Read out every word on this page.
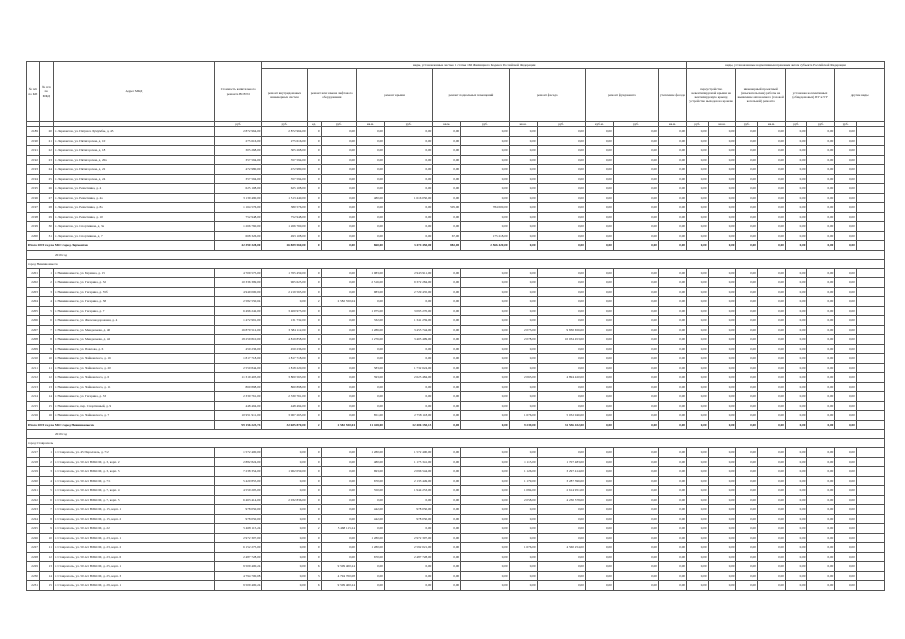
№ п/п по КП	№ п/п по МКД	Адрес МКД	Стоимость капитального ремонта ВСЕГО	виды, установленные частью 1 статьи 166 Жилищного Кодекса Российской Федерации												виды, установленные нормативным правовым актом субъекта Российской Федерации							
				ремонт внутридомовых инженерных систем	ремонт или замена лифтового оборудования		ремонт крыши		ремонт подвальных помещений		ремонт фасада		ремонт фундамента		утепление фасада	переустройство невентилируемой крыши на вентилируемую крышу, устройство выходов на кровлю		инженерный проектный (изыскательские) работы на выявление автономного (газовой котельной) ремонта		установка коллективных (общедомовых) ПУ и УУ		другие виды	
			руб.	руб.	ед.	руб.	кв.м.	руб.	кв.м.	руб.	кв.м.	руб.	куб.м.	руб.	кв.м.	руб.	кв.м.	руб.	кв.м.	руб.	руб.	руб.	
2189	20	г. Лермонтов, ул. Патриса Лумумбы, д. 45	2 872 964,00	2 872 964,00	0	0,00	0,00	0,00	0,00	0,00	0,00	0,00	0,00	0,00	0,00	0,00	0,00	0,00	0,00	0,00	0,00	0,00	
2190	21	г. Лермонтов, ул. Пятигорская, д. 10	275 616,00	275 616,00	0	0,00	0,00	0,00	0,00	0,00	0,00	0,00	0,00	0,00	0,00	0,00	0,00	0,00	0,00	0,00	0,00	0,00	
2191	22	г. Лермонтов, ул. Пятигорская, д. 18	305 268,00	305 268,00	0	0,00	0,00	0,00	0,00	0,00	0,00	0,00	0,00	0,00	0,00	0,00	0,00	0,00	0,00	0,00	0,00	0,00	
2192	23	г. Лермонтов, ул. Пятигорская, д. 20а	357 594,00	357 594,00	0	0,00	0,00	0,00	0,00	0,00	0,00	0,00	0,00	0,00	0,00	0,00	0,00	0,00	0,00	0,00	0,00	0,00	
2193	24	г. Лермонтов, ул. Пятигорская, д. 22	472 980,00	472 980,00	0	0,00	0,00	0,00	0,00	0,00	0,00	0,00	0,00	0,00	0,00	0,00	0,00	0,00	0,00	0,00	0,00	0,00	
2194	25	г. Лермонтов, ул. Пятигорская, д. 24	357 594,00	357 594,00	0	0,00	0,00	0,00	0,00	0,00	0,00	0,00	0,00	0,00	0,00	0,00	0,00	0,00	0,00	0,00	0,00	0,00	
2195	26	г. Лермонтов, ул. Решетника, д. 4	625 108,00	625 108,00	0	0,00	0,00	0,00	0,00	0,00	0,00	0,00	0,00	0,00	0,00	0,00	0,00	0,00	0,00	0,00	0,00	0,00	
2196	27	г. Лермонтов, ул. Решетника, д. 4а	3 139 490,00	1 513 440,00	0	0,00	480,00	1 616 050,00	0,00	0,00	0,00	0,00	0,00	0,00	0,00	0,00	0,00	0,00	0,00	0,00	0,00	0,00	
2197	28	г. Лермонтов, ул. Решетника, д. 8а	1 164 576,00	380 576,00	0	0,00	0,00	0,00	505,00	784 000,00	0,00	0,00	0,00	0,00	0,00	0,00	0,00	0,00	0,00	0,00	0,00	0,00	
2198	29	г. Лермонтов, ул. Решетника, д. 10	752 948,00	752 948,00	0	0,00	0,00	0,00	0,00	0,00	0,00	0,00	0,00	0,00	0,00	0,00	0,00	0,00	0,00	0,00	0,00	0,00	
2199	30	г. Лермонтов, ул. Спортивная, д. 3а	1 266 760,00	1 266 760,00	0	0,00	0,00	0,00	0,00	0,00	0,00	0,00	0,00	0,00	0,00	0,00	0,00	0,00	0,00	0,00	0,00	0,00	
2200	31	г. Лермонтов, ул. Спортивная, д. 7	668 326,00	493 108,00	0	0,00	0,00	0,00	67,00	175 218,00	0,00	0,00	0,00	0,00	0,00	0,00	0,00	0,00	0,00	0,00	0,00	0,00	
Итого 2019 год по МО: город Лермонтов			42 390 328,00	26 889 560,00	0	0,00	860,00	3 474 450,00	882,00	2 566 420,00	0,00	0,00	0,00	0,00	0,00	0,00	0,00	0,00	0,00	0,00	0,00	0,00	
2019 год																							
город Невинномысск																							
2201	1	г. Невинномысск, ул. Баумана, д. 15	4 709 575,00	1 765 459,00	0	0,00	1 083,00	2 943 911,00	0,00	0,00	0,00	0,00	0,00	0,00	0,00	0,00	0,00	0,00	0,00	0,00	0,00	0,00	
2202	2	г. Невинномысск, ул. Гагарина, д. 32	10 336 399,00	965 625,00	0	0,00	2 516,00	9 372 284,00	0,00	0,00	0,00	0,00	0,00	0,00	0,00	0,00	0,00	0,00	0,00	0,00	0,00	0,00	
2203	3	г. Невинномысск, ул. Гагарина, д. 55б	4 949 000,00	2 219 565,00	0	0,00	983,00	2 729 435,00	0,00	0,00	0,00	0,00	0,00	0,00	0,00	0,00	0,00	0,00	0,00	0,00	0,00	0,00	
2204	4	г. Невинномысск, ул. Гагарина, д. 58	2 582 550,04	0,00	2	2 582 550,04	0,00	0,00	0,00	0,00	0,00	0,00	0,00	0,00	0,00	0,00	0,00	0,00	0,00	0,00	0,00	0,00	
2205	5	г. Невинномысск, ул. Гагарина, д. 7	6 496 242,00	3 400 973,00	0	0,00	1 075,00	3 095 270,00	0,00	0,00	0,00	0,00	0,00	0,00	0,00	0,00	0,00	0,00	0,00	0,00	0,00	0,00	
2206	6	г. Невинномысск, ул. Железнодорожная, д. 4	1 472 991,00	131 732,00	0	0,00	332,00	1 341 259,00	0,00	0,00	0,00	0,00	0,00	0,00	0,00	0,00	0,00	0,00	0,00	0,00	0,00	0,00	
2207	7	г. Невинномысск, ул. Менделеева, д. 40	16 870 512,00	3 584 112,00	0	0,00	1 286,00	3 455 744,00	0,00	0,00	2 073,00	9 830 656,00	0,00	0,00	0,00	0,00	0,00	0,00	0,00	0,00	0,00	0,00	
2208	8	г. Невинномысск, ул. Менделеева, д. 42	18 259 810,00	4 819 858,00	0	0,00	1 276,00	3 405 499,00	0,00	0,00	2 078,00	10 034 453,00	0,00	0,00	0,00	0,00	0,00	0,00	0,00	0,00	0,00	0,00	
2209	9	г. Невинномысск, ул. Павлова, д. 6	450 236,00	450 236,00	0	0,00	0,00	0,00	0,00	0,00	0,00	0,00	0,00	0,00	0,00	0,00	0,00	0,00	0,00	0,00	0,00	0,00	
2210	10	г. Невинномысск, ул. Чайковского, д. 16	1 817 718,00	1 817 718,00	0	0,00	0,00	0,00	0,00	0,00	0,00	0,00	0,00	0,00	0,00	0,00	0,00	0,00	0,00	0,00	0,00	0,00	
2211	11	г. Невинномысск, ул. Чайковского, д. 20	2 550 844,00	1 818 220,00	0	0,00	583,00	1 732 624,00	0,00	0,00	0,00	0,00	0,00	0,00	0,00	0,00	0,00	0,00	0,00	0,00	0,00	0,00	
2212	12	г. Невинномысск, ул. Чайковского, д. 6	11 319 403,00	3 800 563,00	0	0,00	593,00	2 625 484,00	0,00	0,00	2 063,00	4 894 420,00	0,00	0,00	0,00	0,00	0,00	0,00	0,00	0,00	0,00	0,00	
2213	13	г. Невинномысск, ул. Чайковского, д. 11	860 898,00	860 898,00	0	0,00	0,00	0,00	0,00	0,00	0,00	0,00	0,00	0,00	0,00	0,00	0,00	0,00	0,00	0,00	0,00	0,00	
2214	14	г. Невинномысск, ул. Гагарина, д. 33	2 330 761,00	2 330 761,00	0	0,00	0,00	0,00	0,00	0,00	0,00	0,00	0,00	0,00	0,00	0,00	0,00	0,00	0,00	0,00	0,00	0,00	
2215	15	г. Невинномысск, пер. Спортивный, д. 9	448 494,00	448 494,00	0	0,00	0,00	0,00	0,00	0,00	0,00	0,00	0,00	0,00	0,00	0,00	0,00	0,00	0,00	0,00	0,00	0,00	
2216	16	г. Невинномысск, ул. Чайковского, д. 7	10 951 911,00	3 067 265,00	0	0,00	851,00	2 758 118,00	0,00	0,00	1 676,00	5 032 046,00	0,00	0,00	0,00	0,00	0,00	0,00	0,00	0,00	0,00	0,00	
Итого 2019 год по МО: город Невинномысск			99 156 223,74	32 685 870,00	2	2 582 550,04	11 428,00	32 406 150,13	0,00	0,00	9 239,00	31 556 432,00	0,00	0,00	0,00	0,00	0,00	0,00	0,00	0,00	0,00	0,00	
2019 год																							
город Ставрополь																							
2217	1	г. Ставрополь, ул. 45 Параллель, д. 7/2	1 572 400,00	0,00	0	0,00	1 280,00	1 572 400,00	0,00	0,00	0,00	0,00	0,00	0,00	0,00	0,00	0,00	0,00	0,00	0,00	0,00	0,00	
2218	2	г. Ставрополь, ул. 50 лет ВЛКСМ, д. 3, корп. 2	2 882 824,00	0,00	0	0,00	480,00	1 175 341,00	0,00	0,00	1 115,00	1 707 483,00	0,00	0,00	0,00	0,00	0,00	0,00	0,00	0,00	0,00	0,00	
2219	3	г. Ставрополь, ул. 50 лет ВЛКСМ, д. 3, корп. 5	7 238 354,00	1 962 059,00	0	0,00	693,00	2 096 544,00	0,00	0,00	1 126,00	3 297 414,00	0,00	0,00	0,00	0,00	0,00	0,00	0,00	0,00	0,00	0,00	
2220	4	г. Ставрополь, ул. 50 лет ВЛКСМ, д. 7/1	5 420 855,00	0,00	0	0,00	670,00	2 133 449,00	0,00	0,00	1 179,00	3 287 396,00	0,00	0,00	0,00	0,00	0,00	0,00	0,00	0,00	0,00	0,00	
2221	5	г. Ставрополь, ул. 50 лет ВЛКСМ, д. 7, корп. 4	4 559 205,00	0,00	0	0,00	550,00	1 944 253,00	0,00	0,00	1 084,00	2 614 951,00	0,00	0,00	0,00	0,00	0,00	0,00	0,00	0,00	0,00	0,00	
2222	6	г. Ставрополь, ул. 50 лет ВЛКСМ, д. 7, корп. 5	6 463 414,00	2 032 836,00	0	0,00	0,00	0,00	0,00	0,00	2 058,00	4 230 578,00	0,00	0,00	0,00	0,00	0,00	0,00	0,00	0,00	0,00	0,00	
2223	7	г. Ставрополь, ул. 50 лет ВЛКСМ, д. 15, корп. 1	978 050,00	0,00	0	0,00	442,00	978 050,00	0,00	0,00	0,00	0,00	0,00	0,00	0,00	0,00	0,00	0,00	0,00	0,00	0,00	0,00	
2224	8	г. Ставрополь, ул. 50 лет ВЛКСМ, д. 15, корп. 2	978 050,00	0,00	0	0,00	442,00	978 050,00	0,00	0,00	0,00	0,00	0,00	0,00	0,00	0,00	0,00	0,00	0,00	0,00	0,00	0,00	
2225	9	г. Ставрополь, ул. 50 лет ВЛКСМ, д. 22	5 468 115,24	0,00	2	5 468 115,24	0,00	0,00	0,00	0,00	0,00	0,00	0,00	0,00	0,00	0,00	0,00	0,00	0,00	0,00	0,00	0,00	
2226	10	г. Ставрополь, ул. 50 лет ВЛКСМ, д. 23, корп. 1	2 972 307,00	0,00	0	0,00	1 280,00	2 972 307,00	0,00	0,00	0,00	0,00	0,00	0,00	0,00	0,00	0,00	0,00	0,00	0,00	0,00	0,00	
2227	11	г. Ставрополь, ул. 50 лет ВЛКСМ, д. 23, корп. 2	6 152 275,00	0,00	0	0,00	1 280,00	2 592 021,00	0,00	0,00	1 676,00	4 560 254,00	0,00	0,00	0,00	0,00	0,00	0,00	0,00	0,00	0,00	0,00	
2228	12	г. Ставрополь, ул. 50 лет ВЛКСМ, д. 23, корп. 6	2 487 728,00	0,00	0	0,00	670,00	2 487 728,00	0,00	0,00	0,00	0,00	0,00	0,00	0,00	0,00	0,00	0,00	0,00	0,00	0,00	0,00	
2229	13	г. Ставрополь, ул. 50 лет ВЛКСМ, д. 25, корп. 1	9 509 400,24	0,00	6	9 509 400,24	0,00	0,00	0,00	0,00	0,00	0,00	0,00	0,00	0,00	0,00	0,00	0,00	0,00	0,00	0,00	0,00	
2230	14	г. Ставрополь, ул. 50 лет ВЛКСМ, д. 25, корп. 3	4 794 700,08	0,00	3	4 794 700,08	0,00	0,00	0,00	0,00	0,00	0,00	0,00	0,00	0,00	0,00	0,00	0,00	0,00	0,00	0,00	0,00	
2231	15	г. Ставрополь, ул. 50 лет ВЛКСМ, д. 29, корп. 1	9 509 400,24	0,00	6	9 509 400,24	0,00	0,00	0,00	0,00	0,00	0,00	0,00	0,00	0,00	0,00	0,00	0,00	0,00	0,00	0,00	0,00	
